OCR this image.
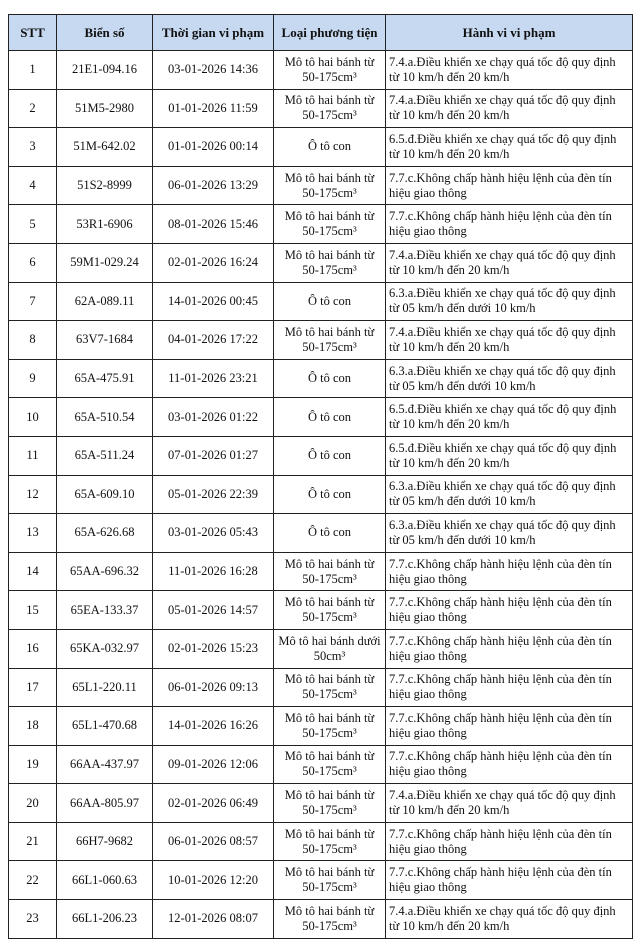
STT	Biển số	Thời gian vi phạm	Loại phương tiện	Hành vi vi phạm
1	21E1-094.16	03-01-2026 14:36	Mô tô hai bánh từ 50-175cm³	7.4.a.Điều khiển xe chạy quá tốc độ quy định từ 10 km/h đến 20 km/h
2	51M5-2980	01-01-2026 11:59	Mô tô hai bánh từ 50-175cm³	7.4.a.Điều khiển xe chạy quá tốc độ quy định từ 10 km/h đến 20 km/h
3	51M-642.02	01-01-2026 00:14	Ô tô con	6.5.đ.Điều khiển xe chạy quá tốc độ quy định từ 10 km/h đến 20 km/h
4	51S2-8999	06-01-2026 13:29	Mô tô hai bánh từ 50-175cm³	7.7.c.Không chấp hành hiệu lệnh của đèn tín hiệu giao thông
5	53R1-6906	08-01-2026 15:46	Mô tô hai bánh từ 50-175cm³	7.7.c.Không chấp hành hiệu lệnh của đèn tín hiệu giao thông
6	59M1-029.24	02-01-2026 16:24	Mô tô hai bánh từ 50-175cm³	7.4.a.Điều khiển xe chạy quá tốc độ quy định từ 10 km/h đến 20 km/h
7	62A-089.11	14-01-2026 00:45	Ô tô con	6.3.a.Điều khiển xe chạy quá tốc độ quy định từ 05 km/h đến dưới 10 km/h
8	63V7-1684	04-01-2026 17:22	Mô tô hai bánh từ 50-175cm³	7.4.a.Điều khiển xe chạy quá tốc độ quy định từ 10 km/h đến 20 km/h
9	65A-475.91	11-01-2026 23:21	Ô tô con	6.3.a.Điều khiển xe chạy quá tốc độ quy định từ 05 km/h đến dưới 10 km/h
10	65A-510.54	03-01-2026 01:22	Ô tô con	6.5.đ.Điều khiển xe chạy quá tốc độ quy định từ 10 km/h đến 20 km/h
11	65A-511.24	07-01-2026 01:27	Ô tô con	6.5.đ.Điều khiển xe chạy quá tốc độ quy định từ 10 km/h đến 20 km/h
12	65A-609.10	05-01-2026 22:39	Ô tô con	6.3.a.Điều khiển xe chạy quá tốc độ quy định từ 05 km/h đến dưới 10 km/h
13	65A-626.68	03-01-2026 05:43	Ô tô con	6.3.a.Điều khiển xe chạy quá tốc độ quy định từ 05 km/h đến dưới 10 km/h
14	65AA-696.32	11-01-2026 16:28	Mô tô hai bánh từ 50-175cm³	7.7.c.Không chấp hành hiệu lệnh của đèn tín hiệu giao thông
15	65EA-133.37	05-01-2026 14:57	Mô tô hai bánh từ 50-175cm³	7.7.c.Không chấp hành hiệu lệnh của đèn tín hiệu giao thông
16	65KA-032.97	02-01-2026 15:23	Mô tô hai bánh dưới 50cm³	7.7.c.Không chấp hành hiệu lệnh của đèn tín hiệu giao thông
17	65L1-220.11	06-01-2026 09:13	Mô tô hai bánh từ 50-175cm³	7.7.c.Không chấp hành hiệu lệnh của đèn tín hiệu giao thông
18	65L1-470.68	14-01-2026 16:26	Mô tô hai bánh từ 50-175cm³	7.7.c.Không chấp hành hiệu lệnh của đèn tín hiệu giao thông
19	66AA-437.97	09-01-2026 12:06	Mô tô hai bánh từ 50-175cm³	7.7.c.Không chấp hành hiệu lệnh của đèn tín hiệu giao thông
20	66AA-805.97	02-01-2026 06:49	Mô tô hai bánh từ 50-175cm³	7.4.a.Điều khiển xe chạy quá tốc độ quy định từ 10 km/h đến 20 km/h
21	66H7-9682	06-01-2026 08:57	Mô tô hai bánh từ 50-175cm³	7.7.c.Không chấp hành hiệu lệnh của đèn tín hiệu giao thông
22	66L1-060.63	10-01-2026 12:20	Mô tô hai bánh từ 50-175cm³	7.7.c.Không chấp hành hiệu lệnh của đèn tín hiệu giao thông
23	66L1-206.23	12-01-2026 08:07	Mô tô hai bánh từ 50-175cm³	7.4.a.Điều khiển xe chạy quá tốc độ quy định từ 10 km/h đến 20 km/h
